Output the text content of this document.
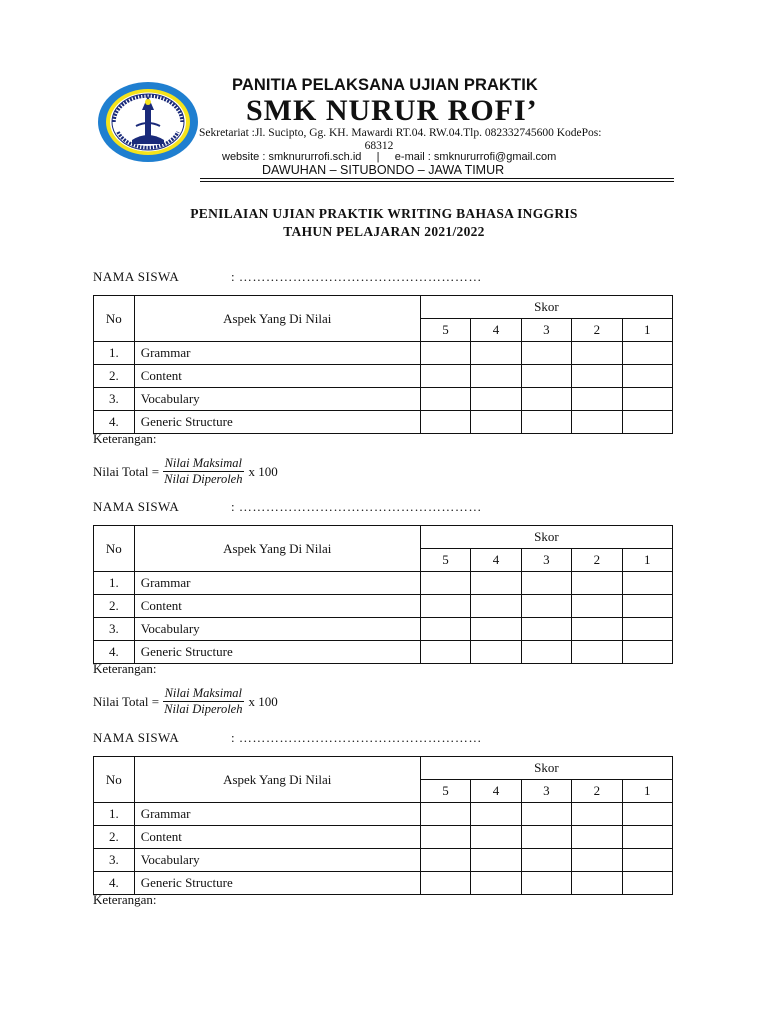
PANITIA PELAKSANA UJIAN PRAKTIK
SMK NURUR ROFI’
Sekretariat :Jl. Sucipto, Gg. KH. Mawardi RT.04. RW.04.Tlp. 082332745600 KodePos:
68312
website : smknururrofi.sch.id     |     e-mail : smknururrofi@gmail.com
DAWUHAN – SITUBONDO – JAWA TIMUR
PENILAIAN UJIAN PRAKTIK WRITING BAHASA INGGRIS
TAHUN PELAJARAN 2021/2022
NAMA SISWA	: ………………………………………………
No	Aspek Yang Di Nilai	Skor				
		5	4	3	2	1
1.	Grammar					
2.	Content					
3.	Vocabulary					
4.	Generic Structure					
Keterangan:
Nilai Total = $\frac{\text{Nilai Maksimal}}{\text{Nilai Diperoleh}}$ x 100
NAMA SISWA	: ………………………………………………
No	Aspek Yang Di Nilai	Skor				
		5	4	3	2	1
1.	Grammar					
2.	Content					
3.	Vocabulary					
4.	Generic Structure					
Keterangan:
Nilai Total = $\frac{\text{Nilai Maksimal}}{\text{Nilai Diperoleh}}$ x 100
NAMA SISWA	: ………………………………………………
No	Aspek Yang Di Nilai	Skor				
		5	4	3	2	1
1.	Grammar					
2.	Content					
3.	Vocabulary					
4.	Generic Structure					
Keterangan:
